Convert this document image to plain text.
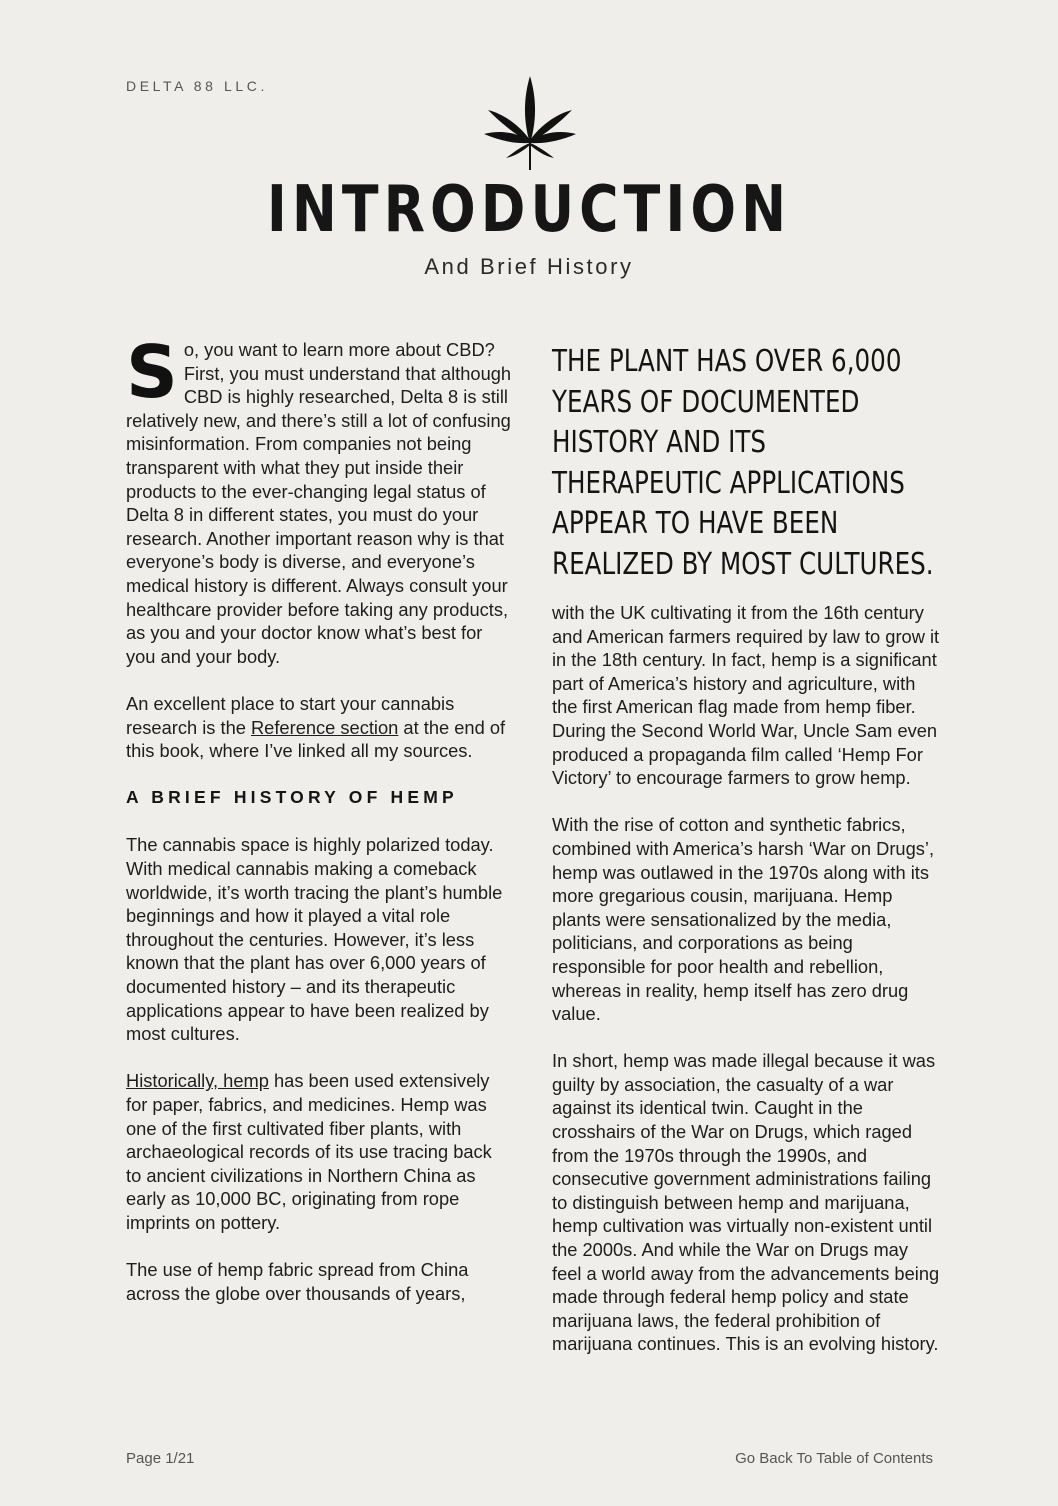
DELTA 88 LLC.
INTRODUCTION
And Brief History

So, you want to learn more about CBD? First, you must understand that although CBD is highly researched, Delta 8 is still relatively new, and there’s still a lot of confusing misinformation. From companies not being transparent with what they put inside their products to the ever-changing legal status of Delta 8 in different states, you must do your research. Another important reason why is that everyone’s body is diverse, and everyone’s medical history is different. Always consult your healthcare provider before taking any products, as you and your doctor know what’s best for you and your body.

An excellent place to start your cannabis research is the Reference section at the end of this book, where I’ve linked all my sources.

A BRIEF HISTORY OF HEMP

The cannabis space is highly polarized today. With medical cannabis making a comeback worldwide, it’s worth tracing the plant’s humble beginnings and how it played a vital role throughout the centuries. However, it’s less known that the plant has over 6,000 years of documented history – and its therapeutic applications appear to have been realized by most cultures.

Historically, hemp has been used extensively for paper, fabrics, and medicines. Hemp was one of the first cultivated fiber plants, with archaeological records of its use tracing back to ancient civilizations in Northern China as early as 10,000 BC, originating from rope imprints on pottery.

The use of hemp fabric spread from China across the globe over thousands of years,

THE PLANT HAS OVER 6,000 YEARS OF DOCUMENTED HISTORY AND ITS THERAPEUTIC APPLICATIONS APPEAR TO HAVE BEEN REALIZED BY MOST CULTURES.

with the UK cultivating it from the 16th century and American farmers required by law to grow it in the 18th century. In fact, hemp is a significant part of America’s history and agriculture, with the first American flag made from hemp fiber. During the Second World War, Uncle Sam even produced a propaganda film called ‘Hemp For Victory’ to encourage farmers to grow hemp.

With the rise of cotton and synthetic fabrics, combined with America’s harsh ‘War on Drugs’, hemp was outlawed in the 1970s along with its more gregarious cousin, marijuana. Hemp plants were sensationalized by the media, politicians, and corporations as being responsible for poor health and rebellion, whereas in reality, hemp itself has zero drug value.

In short, hemp was made illegal because it was guilty by association, the casualty of a war against its identical twin. Caught in the crosshairs of the War on Drugs, which raged from the 1970s through the 1990s, and consecutive government administrations failing to distinguish between hemp and marijuana, hemp cultivation was virtually non-existent until the 2000s. And while the War on Drugs may feel a world away from the advancements being made through federal hemp policy and state marijuana laws, the federal prohibition of marijuana continues. This is an evolving history.

Page 1/21	Go Back To Table of Contents
